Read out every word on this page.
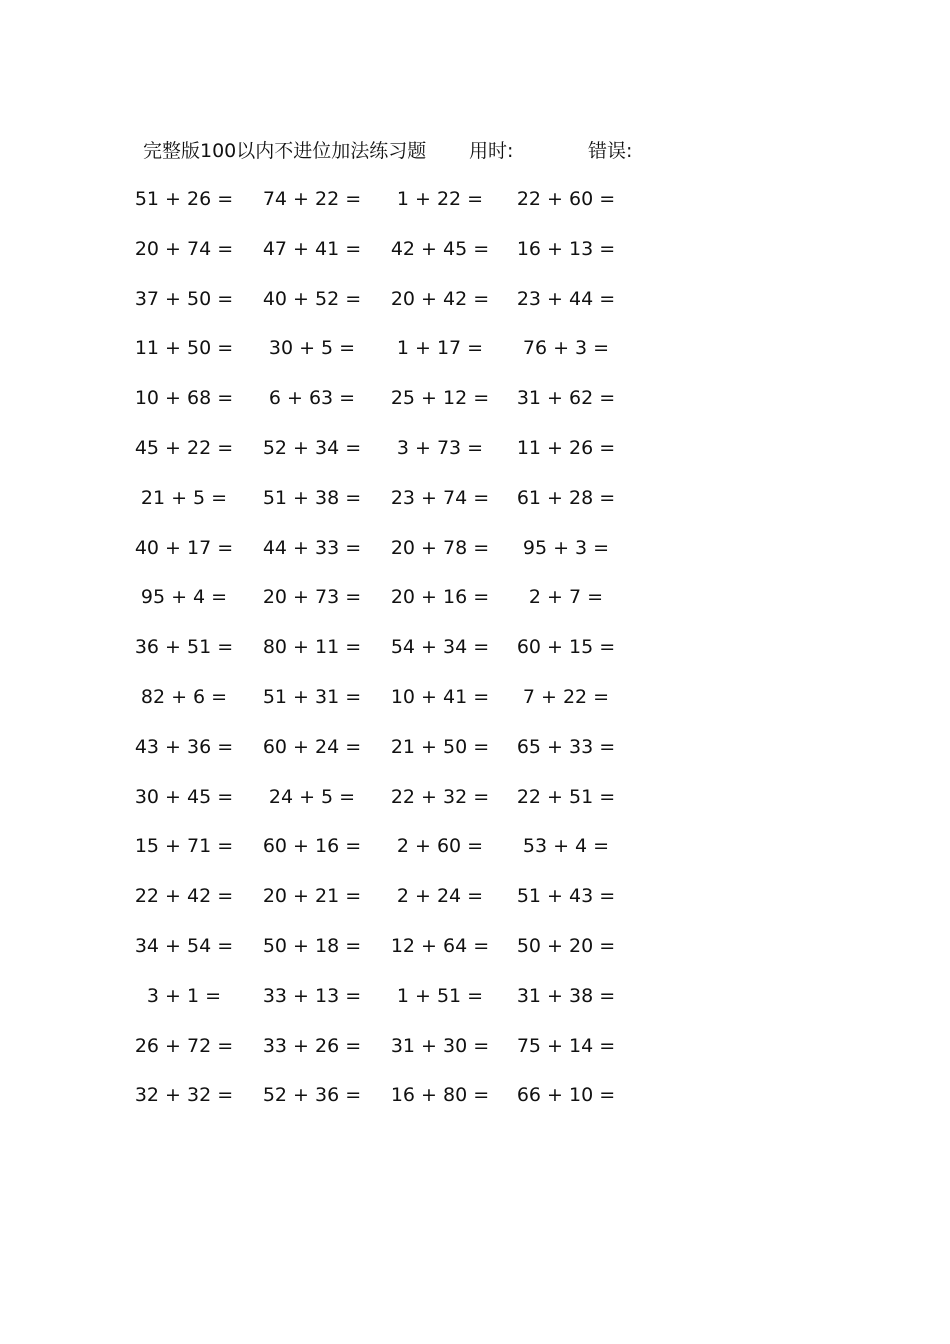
完整版100以内不进位加法练习题 用时:	错误:
51 + 26 = 74 + 22 = 1 + 22 = 22 + 60 =
20 + 74 = 47 + 41 = 42 + 45 = 16 + 13 =
37 + 50 = 40 + 52 = 20 + 42 = 23 + 44 =
11 + 50 = 30 + 5 = 1 + 17 = 76 + 3 =
10 + 68 = 6 + 63 = 25 + 12 = 31 + 62 =
45 + 22 = 52 + 34 = 3 + 73 = 11 + 26 =
21 + 5 = 51 + 38 = 23 + 74 = 61 + 28 =
40 + 17 = 44 + 33 = 20 + 78 = 95 + 3 =
95 + 4 = 20 + 73 = 20 + 16 = 2 + 7 =
36 + 51 = 80 + 11 = 54 + 34 = 60 + 15 =
82 + 6 = 51 + 31 = 10 + 41 = 7 + 22 =
43 + 36 = 60 + 24 = 21 + 50 = 65 + 33 =
30 + 45 = 24 + 5 = 22 + 32 = 22 + 51 =
15 + 71 = 60 + 16 = 2 + 60 = 53 + 4 =
22 + 42 = 20 + 21 = 2 + 24 = 51 + 43 =
34 + 54 = 50 + 18 = 12 + 64 = 50 + 20 =
3 + 1 = 33 + 13 = 1 + 51 = 31 + 38 =
26 + 72 = 33 + 26 = 31 + 30 = 75 + 14 =
32 + 32 = 52 + 36 = 16 + 80 = 66 + 10 =
